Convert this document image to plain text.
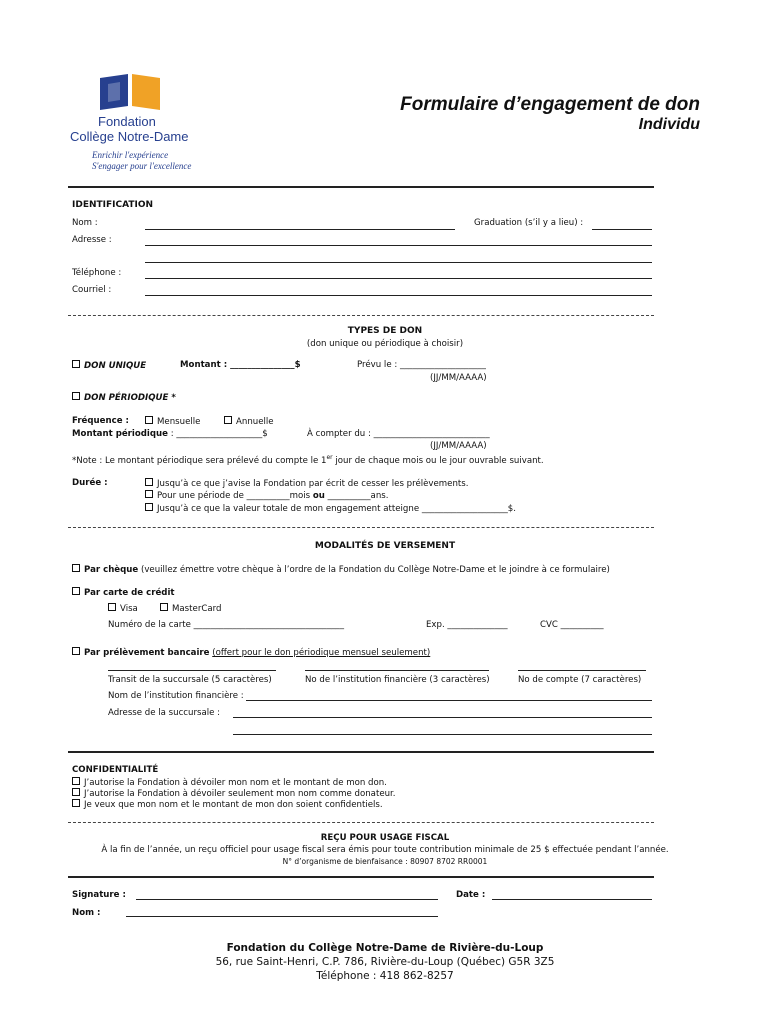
Fondation
Collège Notre-Dame
Enrichir l'expérience
S'engager pour l'excellence
Formulaire d’engagement de don
Individu
IDENTIFICATION
Nom :	Graduation (s’il y a lieu) :
Adresse :
Téléphone :
Courriel :
TYPES DE DON
(don unique ou périodique à choisir)
DON UNIQUE	Montant : _______________$	Prévu le : ____________________
(JJ/MM/AAAA)
DON PÉRIODIQUE *
Fréquence :	Mensuelle	Annuelle
Montant périodique : ____________________$	À compter du : ___________________________
(JJ/MM/AAAA)
*Note : Le montant périodique sera prélevé du compte le 1er jour de chaque mois ou le jour ouvrable suivant.
Durée :	Jusqu’à ce que j’avise la Fondation par écrit de cesser les prélèvements.
Pour une période de __________mois ou __________ans.
Jusqu’à ce que la valeur totale de mon engagement atteigne ____________________$.
MODALITÉS DE VERSEMENT
Par chèque (veuillez émettre votre chèque à l’ordre de la Fondation du Collège Notre-Dame et le joindre à ce formulaire)
Par carte de crédit
Visa	MasterCard
Numéro de la carte ___________________________________	Exp. ______________	CVC __________
Par prélèvement bancaire (offert pour le don périodique mensuel seulement)
Transit de la succursale (5 caractères)	No de l’institution financière (3 caractères)	No de compte (7 caractères)
Nom de l’institution financière :
Adresse de la succursale :
CONFIDENTIALITÉ
J’autorise la Fondation à dévoiler mon nom et le montant de mon don.
J’autorise la Fondation à dévoiler seulement mon nom comme donateur.
Je veux que mon nom et le montant de mon don soient confidentiels.
REÇU POUR USAGE FISCAL
À la fin de l’année, un reçu officiel pour usage fiscal sera émis pour toute contribution minimale de 25 $ effectuée pendant l’année.
N° d’organisme de bienfaisance : 80907 8702 RR0001
Signature :	Date :
Nom :
Fondation du Collège Notre-Dame de Rivière-du-Loup
56, rue Saint-Henri, C.P. 786, Rivière-du-Loup (Québec) G5R 3Z5
Téléphone : 418 862-8257
